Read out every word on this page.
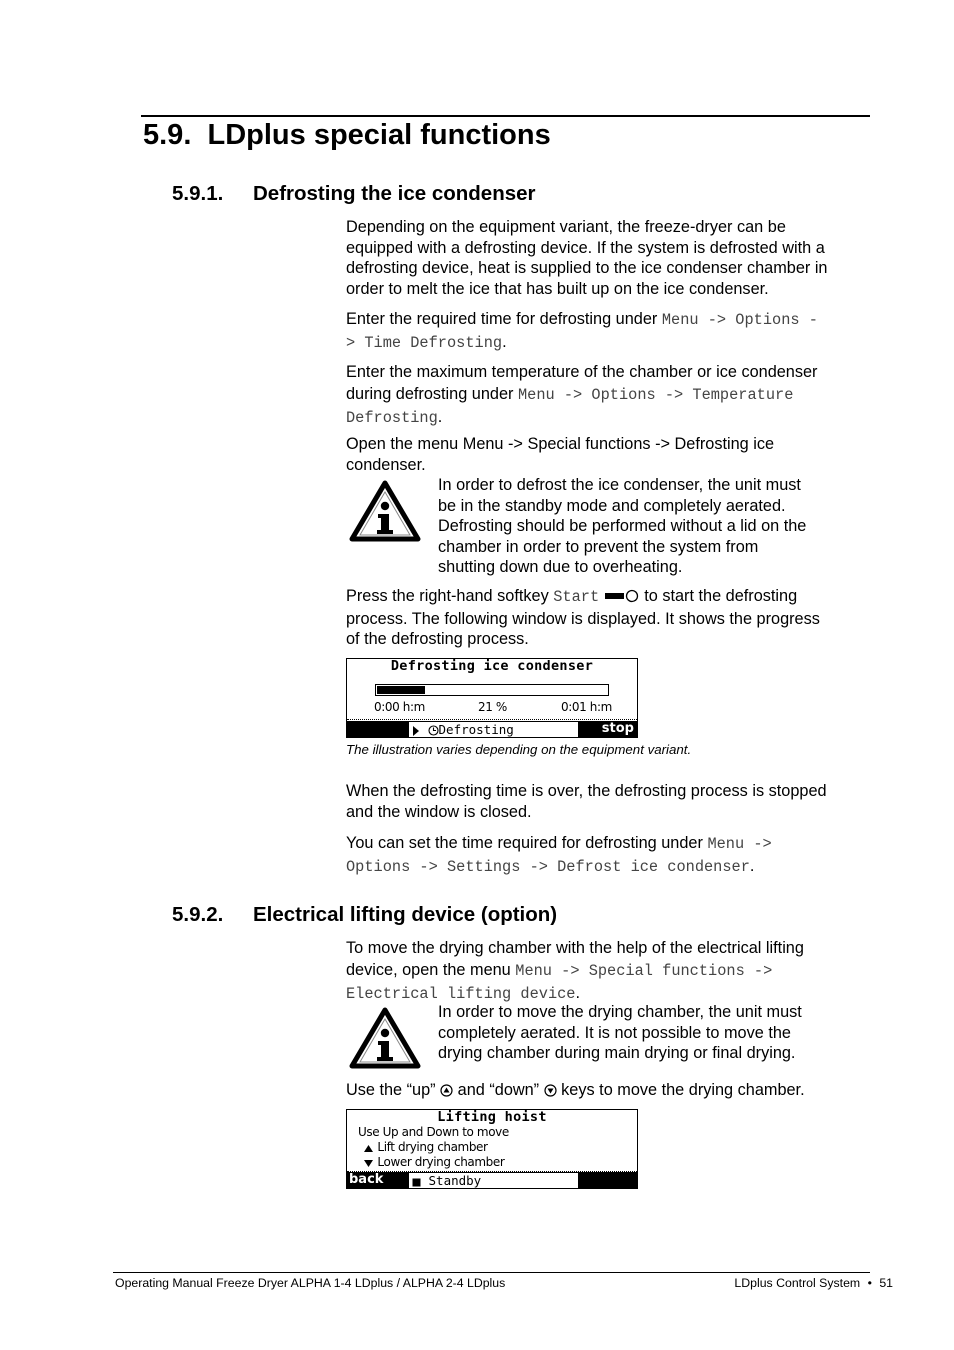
5.9. LDplus special functions
5.9.1. Defrosting the ice condenser
Depending on the equipment variant, the freeze-dryer can be
equipped with a defrosting device. If the system is defrosted with a
defrosting device, heat is supplied to the ice condenser chamber in
order to melt the ice that has built up on the ice condenser.
Enter the required time for defrosting under Menu -> Options -
> Time Defrosting.
Enter the maximum temperature of the chamber or ice condenser
during defrosting under Menu -> Options -> Temperature
Defrosting.
Open the menu Menu -> Special functions -> Defrosting ice
condenser.
In order to defrost the ice condenser, the unit must
be in the standby mode and completely aerated.
Defrosting should be performed without a lid on the
chamber in order to prevent the system from
shutting down due to overheating.
Press the right-hand softkey Start  to start the defrosting
process. The following window is displayed. It shows the progress
of the defrosting process.
Defrosting ice condenser
0:00 h:m	21 %	0:01 h:m
Defrosting	stop
The illustration varies depending on the equipment variant.
When the defrosting time is over, the defrosting process is stopped
and the window is closed.
You can set the time required for defrosting under Menu ->
Options -> Settings -> Defrost ice condenser.
5.9.2. Electrical lifting device (option)
To move the drying chamber with the help of the electrical lifting
device, open the menu Menu -> Special functions ->
Electrical lifting device.
In order to move the drying chamber, the unit must
completely aerated. It is not possible to move the
drying chamber during main drying or final drying.
Use the “up”  and “down”  keys to move the drying chamber.
Lifting hoist
Use Up and Down to move
Lift drying chamber
Lower drying chamber
back	Standby
Operating Manual Freeze Dryer ALPHA 1-4 LDplus / ALPHA 2-4 LDplus	LDplus Control System • 51
